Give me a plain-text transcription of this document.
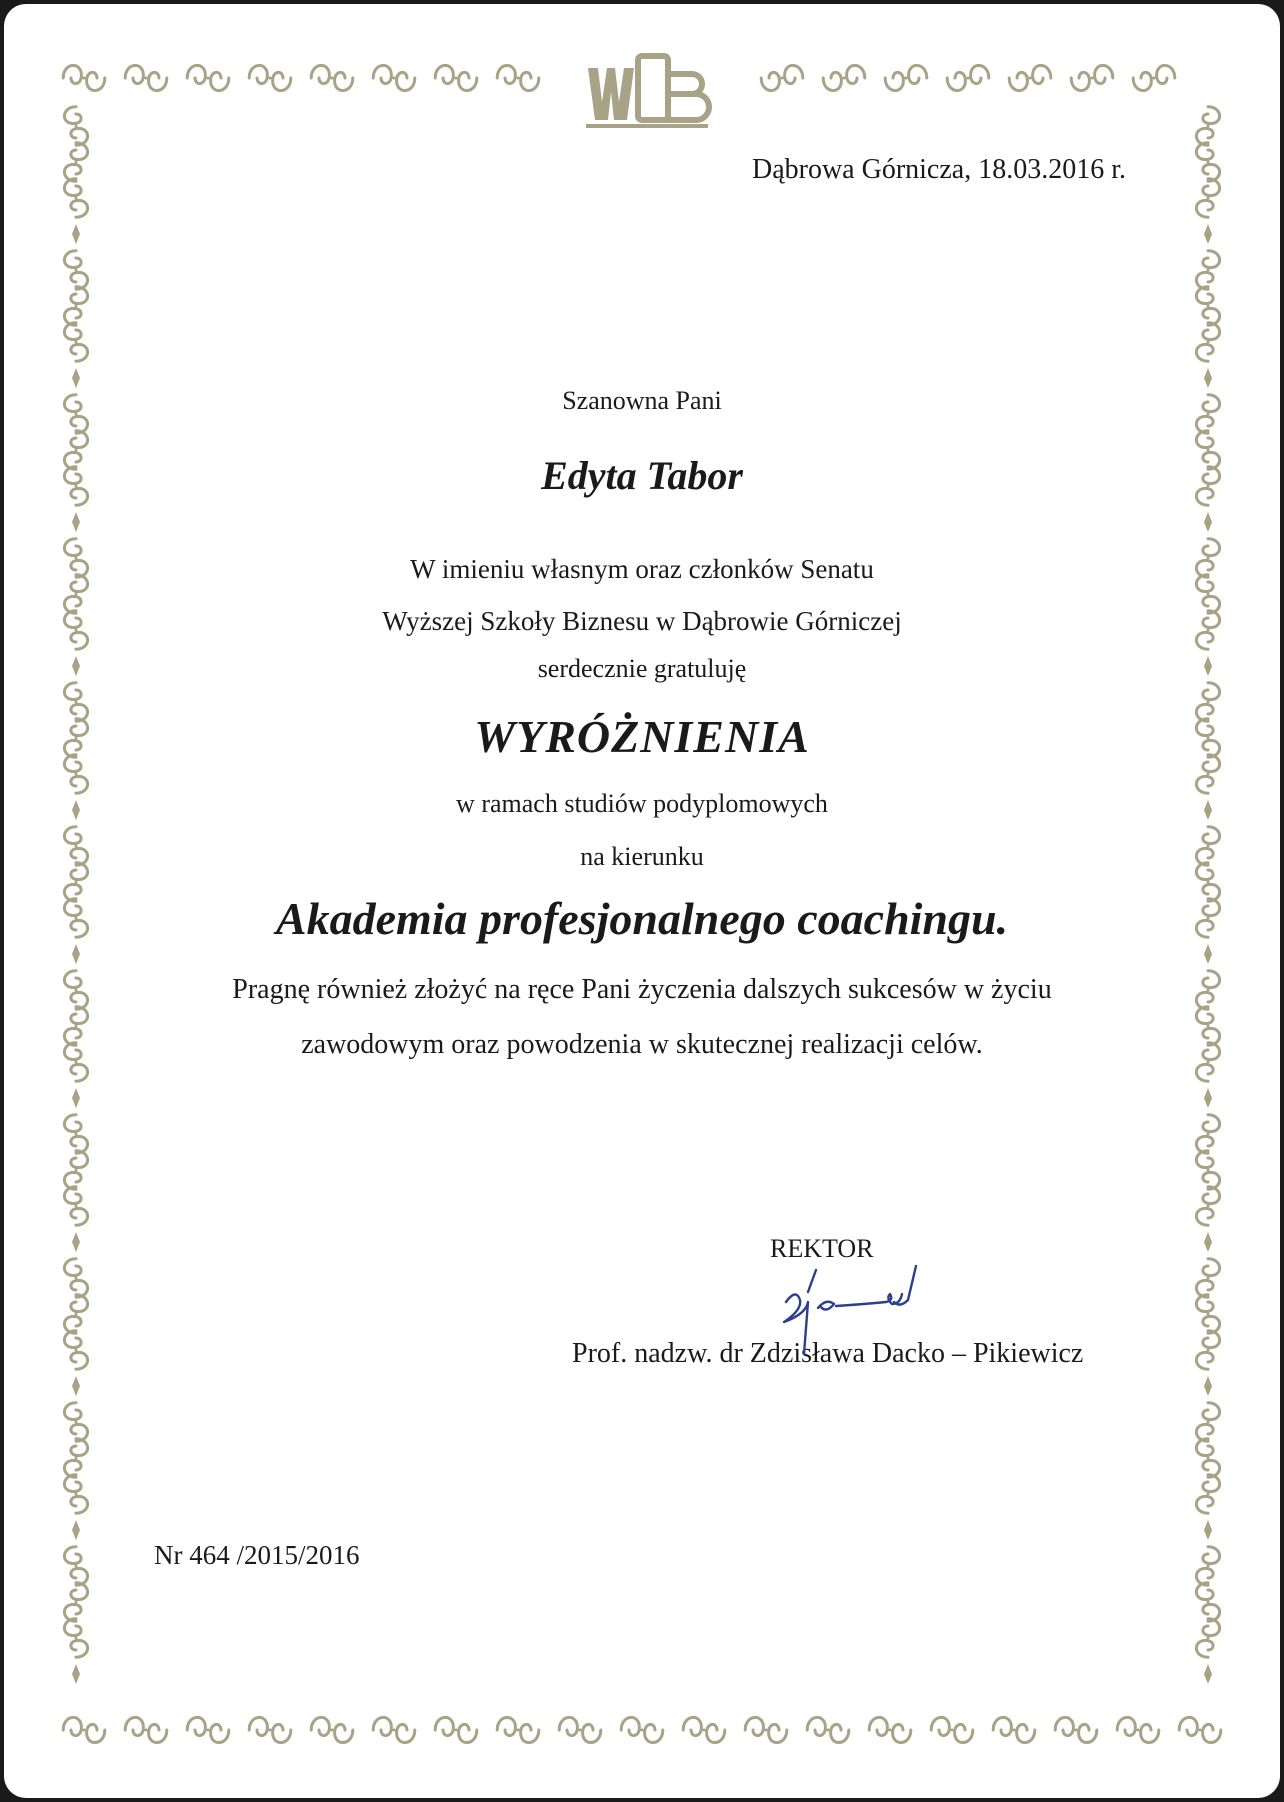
Dąbrowa Górnicza, 18.03.2016 r.
Szanowna Pani
Edyta Tabor
W imieniu własnym oraz członków Senatu
Wyższej Szkoły Biznesu w Dąbrowie Górniczej
serdecznie gratuluję
WYRÓŻNIENIA
w ramach studiów podyplomowych
na kierunku
Akademia profesjonalnego coachingu.
Pragnę również złożyć na ręce Pani życzenia dalszych sukcesów w życiu
zawodowym oraz powodzenia w skutecznej realizacji celów.
REKTOR
Prof. nadzw. dr Zdzisława Dacko – Pikiewicz
Nr 464 /2015/2016
